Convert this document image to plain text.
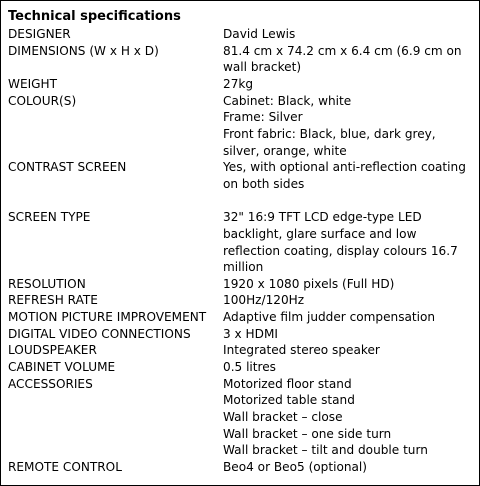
Technical specifications
DESIGNER	David Lewis
DIMENSIONS (W x H x D)	81.4 cm x 74.2 cm x 6.4 cm (6.9 cm on
wall bracket)
WEIGHT	27kg
COLOUR(S)	Cabinet: Black, white
Frame: Silver
Front fabric: Black, blue, dark grey,
silver, orange, white
CONTRAST SCREEN	Yes, with optional anti-reflection coating
on both sides
SCREEN TYPE	32" 16:9 TFT LCD edge-type LED
backlight, glare surface and low
reflection coating, display colours 16.7
million
RESOLUTION	1920 x 1080 pixels (Full HD)
REFRESH RATE	100Hz/120Hz
MOTION PICTURE IMPROVEMENT	Adaptive film judder compensation
DIGITAL VIDEO CONNECTIONS	3 x HDMI
LOUDSPEAKER	Integrated stereo speaker
CABINET VOLUME	0.5 litres
ACCESSORIES	Motorized floor stand
Motorized table stand
Wall bracket – close
Wall bracket – one side turn
Wall bracket – tilt and double turn
REMOTE CONTROL	Beo4 or Beo5 (optional)
